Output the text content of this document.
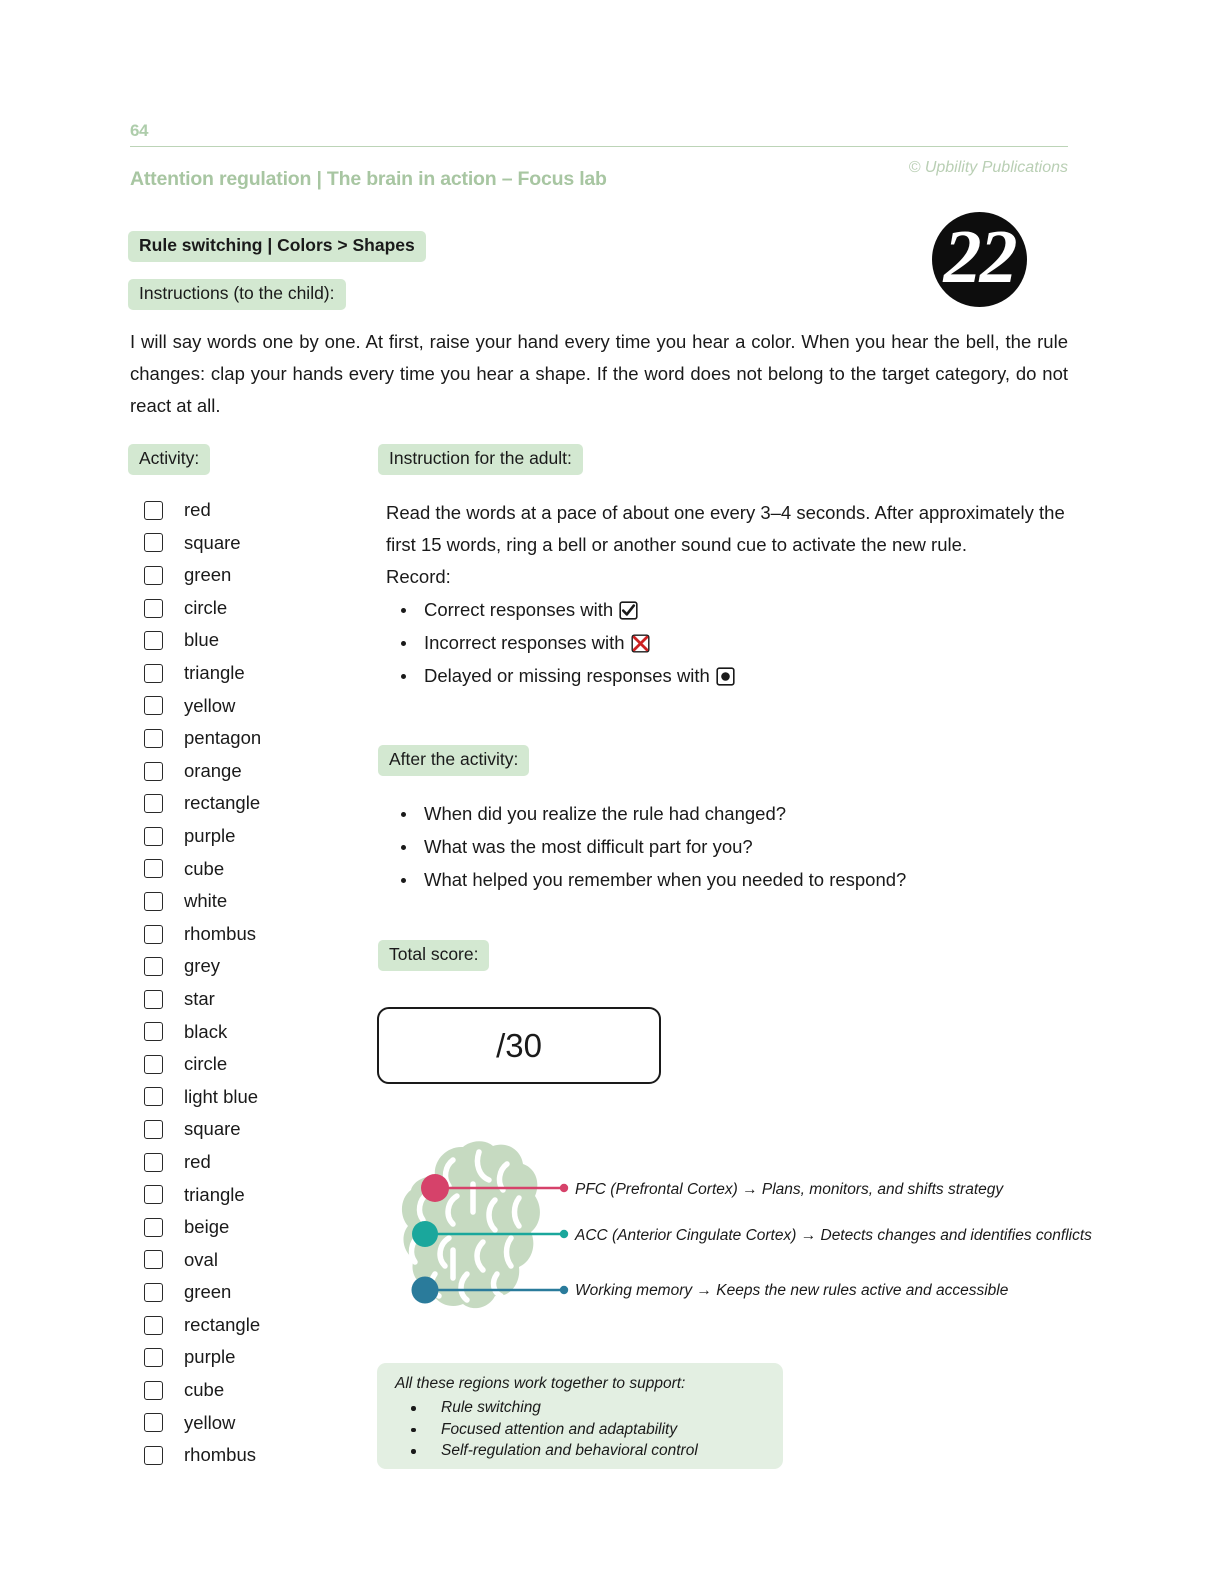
64
Attention regulation | The brain in action – Focus lab
© Upbility Publications
22
Rule switching | Colors > Shapes
Instructions (to the child):
I will say words one by one. At first, raise your hand every time you hear a color. When you hear the bell, the rule changes: clap your hands every time you hear a shape. If the word does not belong to the target category, do not react at all.
Activity:
red
square
green
circle
blue
triangle
yellow
pentagon
orange
rectangle
purple
cube
white
rhombus
grey
star
black
circle
light blue
square
red
triangle
beige
oval
green
rectangle
purple
cube
yellow
rhombus
Instruction for the adult:
Read the words at a pace of about one every 3–4 seconds. After approximately the first 15 words, ring a bell or another sound cue to activate the new rule.
Record:
Correct responses with
Incorrect responses with
Delayed or missing responses with
After the activity:
When did you realize the rule had changed?
What was the most difficult part for you?
What helped you remember when you needed to respond?
Total score:
/30
PFC (Prefrontal Cortex) → Plans, monitors, and shifts strategy
ACC (Anterior Cingulate Cortex) → Detects changes and identifies conflicts
Working memory → Keeps the new rules active and accessible
All these regions work together to support:
Rule switching
Focused attention and adaptability
Self-regulation and behavioral control
